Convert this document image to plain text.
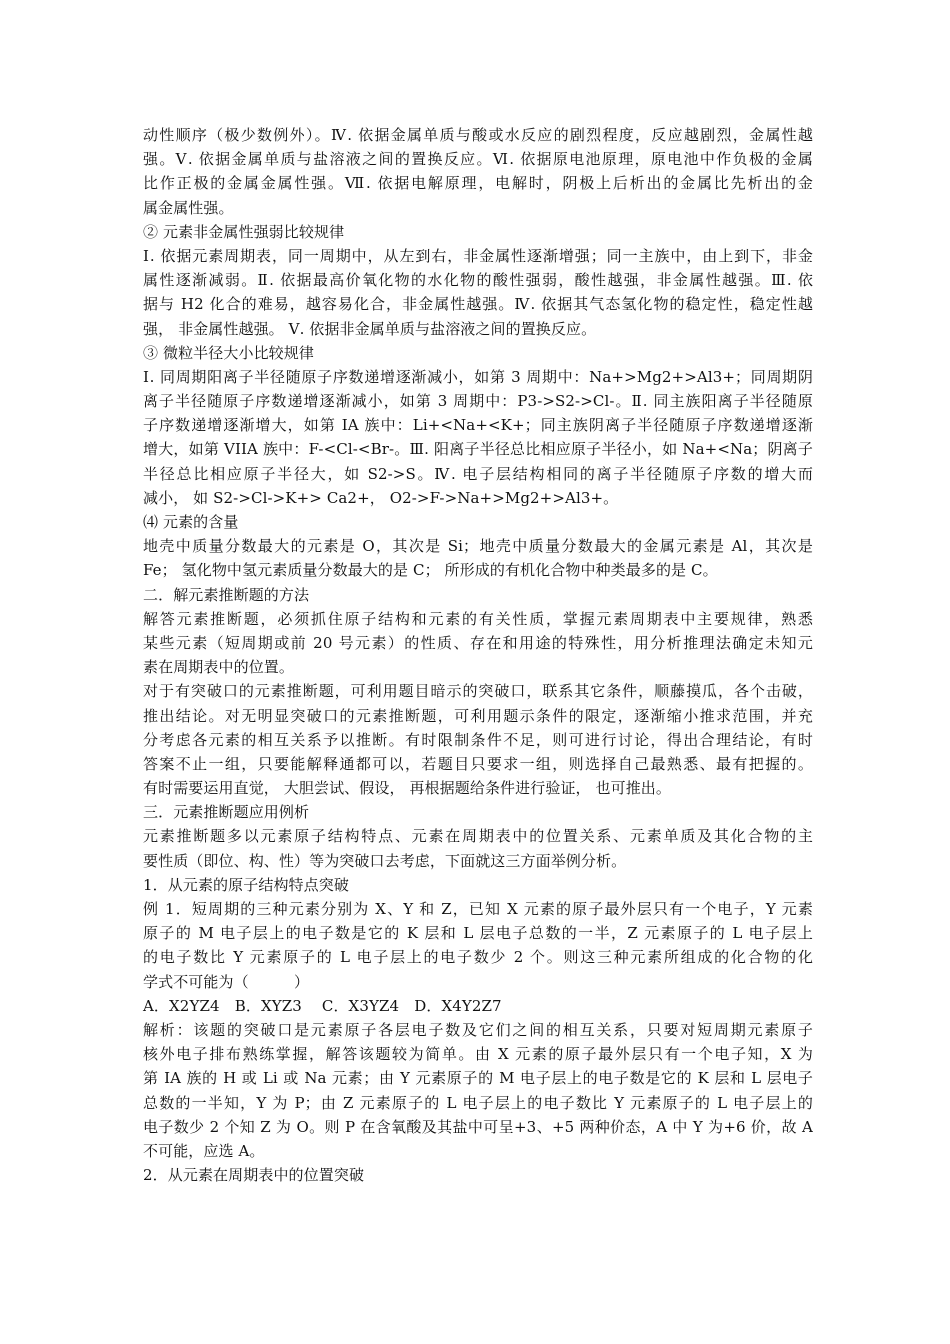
动性顺序（极少数例外）。Ⅳ. 依据金属单质与酸或水反应的剧烈程度，反应越剧烈，金属性越
强。Ⅴ. 依据金属单质与盐溶液之间的置换反应。Ⅵ. 依据原电池原理，原电池中作负极的金属
比作正极的金属金属性强。Ⅶ. 依据电解原理，电解时，阴极上后析出的金属比先析出的金
属金属性强。
② 元素非金属性强弱比较规律
Ⅰ. 依据元素周期表，同一周期中，从左到右，非金属性逐渐增强；同一主族中，由上到下，非金
属性逐渐减弱。Ⅱ. 依据最高价氧化物的水化物的酸性强弱，酸性越强，非金属性越强。Ⅲ. 依
据与 H2 化合的难易，越容易化合，非金属性越强。Ⅳ. 依据其气态氢化物的稳定性，稳定性越
强， 非金属性越强。 Ⅴ. 依据非金属单质与盐溶液之间的置换反应。
③ 微粒半径大小比较规律
Ⅰ. 同周期阳离子半径随原子序数递增逐渐减小，如第 3 周期中：Na+>Mg2+>Al3+；同周期阴
离子半径随原子序数递增逐渐减小，如第 3 周期中：P3->S2->Cl-。Ⅱ. 同主族阳离子半径随原
子序数递增逐渐增大，如第 IA 族中：Li+<Na+<K+；同主族阴离子半径随原子序数递增逐渐
增大，如第 VIIA 族中：F-<Cl-<Br-。Ⅲ. 阳离子半径总比相应原子半径小，如 Na+<Na；阴离子
半径总比相应原子半径大，如 S2->S。Ⅳ. 电子层结构相同的离子半径随原子序数的增大而
减小， 如 S2->Cl->K+> Ca2+， O2->F->Na+>Mg2+>Al3+。
⑷ 元素的含量
地壳中质量分数最大的元素是 O，其次是 Si；地壳中质量分数最大的金属元素是 Al，其次是
Fe； 氢化物中氢元素质量分数最大的是 C； 所形成的有机化合物中种类最多的是 C。
二．解元素推断题的方法
解答元素推断题，必须抓住原子结构和元素的有关性质，掌握元素周期表中主要规律，熟悉
某些元素（短周期或前 20 号元素）的性质、存在和用途的特殊性，用分析推理法确定未知元
素在周期表中的位置。
对于有突破口的元素推断题，可利用题目暗示的突破口，联系其它条件，顺藤摸瓜，各个击破，
推出结论。对无明显突破口的元素推断题，可利用题示条件的限定，逐渐缩小推求范围，并充
分考虑各元素的相互关系予以推断。有时限制条件不足，则可进行讨论，得出合理结论，有时
答案不止一组，只要能解释通都可以，若题目只要求一组，则选择自己最熟悉、最有把握的。
有时需要运用直觉， 大胆尝试、假设， 再根据题给条件进行验证， 也可推出。
三．元素推断题应用例析
元素推断题多以元素原子结构特点、元素在周期表中的位置关系、元素单质及其化合物的主
要性质（即位、构、性）等为突破口去考虑，下面就这三方面举例分析。
1．从元素的原子结构特点突破
例 1．短周期的三种元素分别为 X、Y 和 Z，已知 X 元素的原子最外层只有一个电子，Y 元素
原子的 M 电子层上的电子数是它的 K 层和 L 层电子总数的一半，Z 元素原子的 L 电子层上
的电子数比 Y 元素原子的 L 电子层上的电子数少 2 个。则这三种元素所组成的化合物的化
学式不可能为（　　　）
A．X2YZ4　B．XYZ3　 C．X3YZ4　D．X4Y2Z7
解析：该题的突破口是元素原子各层电子数及它们之间的相互关系，只要对短周期元素原子
核外电子排布熟练掌握，解答该题较为简单。由 X 元素的原子最外层只有一个电子知，X 为
第 IA 族的 H 或 Li 或 Na 元素；由 Y 元素原子的 M 电子层上的电子数是它的 K 层和 L 层电子
总数的一半知，Y 为 P；由 Z 元素原子的 L 电子层上的电子数比 Y 元素原子的 L 电子层上的
电子数少 2 个知 Z 为 O。则 P 在含氧酸及其盐中可呈+3、+5 两种价态，A 中 Y 为+6 价，故 A
不可能，应选 A。
2．从元素在周期表中的位置突破
